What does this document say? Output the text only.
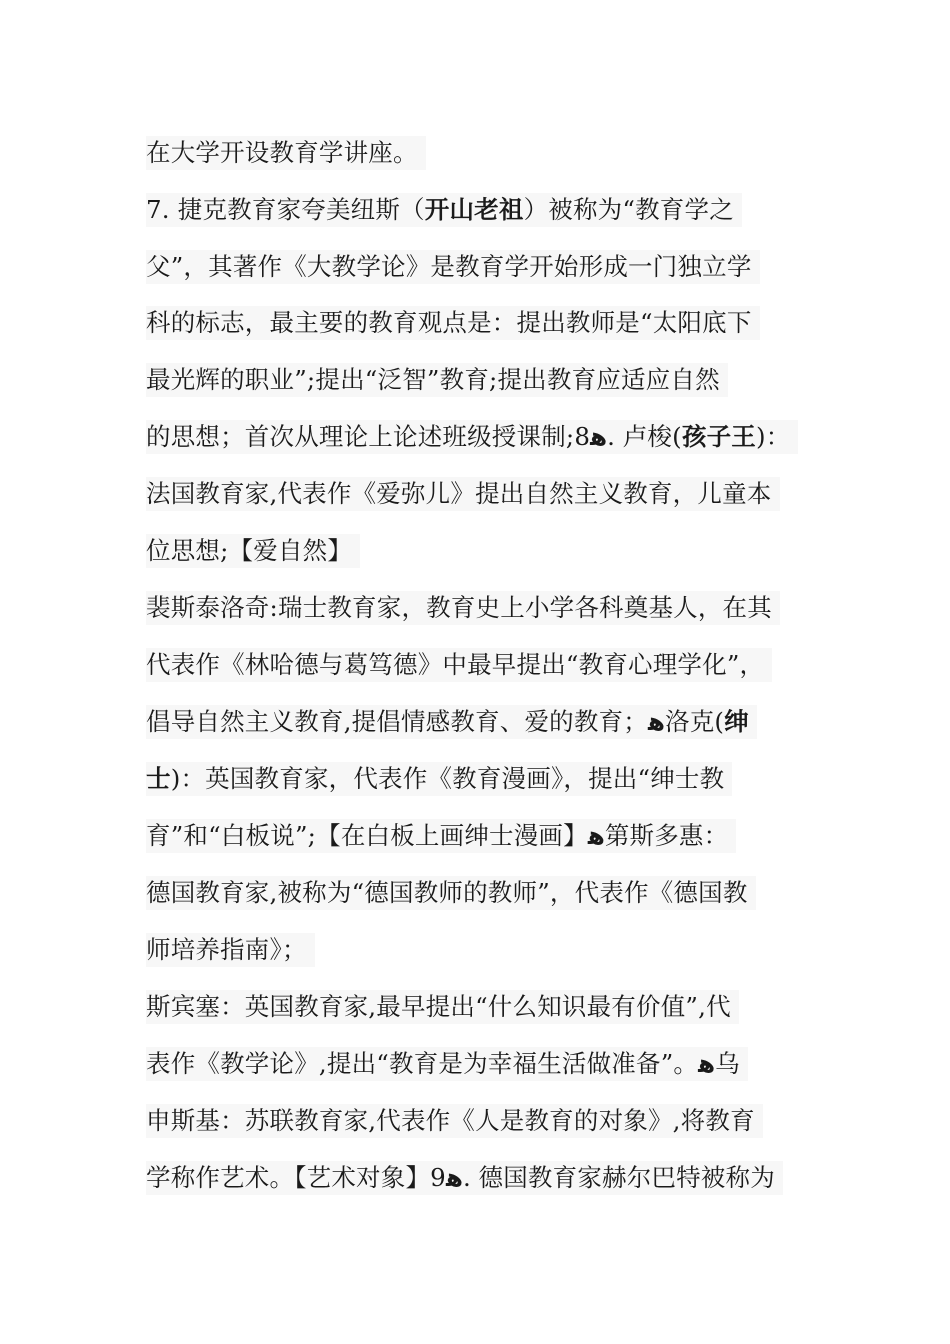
在大学开设教育学讲座。
7. 捷克教育家夸美纽斯（开山老祖）被称为“教育学之
父”，其著作《大教学论》是教育学开始形成一门独立学
科的标志，最主要的教育观点是：提出教师是“太阳底下
最光辉的职业”;提出“泛智”教育;提出教育应适应自然
的思想；首次从理论上论述班级授课制;8ﻫ. 卢梭(孩子王)：
法国教育家,代表作《爱弥儿》提出自然主义教育，儿童本
位思想;【爱自然】
裴斯泰洛奇:瑞士教育家，教育史上小学各科奠基人，在其
代表作《林哈德与葛笃德》中最早提出“教育心理学化”，
倡导自然主义教育,提倡情感教育、爱的教育；ﻫ洛克(绅
士)：英国教育家，代表作《教育漫画》，提出“绅士教
育”和“白板说”;【在白板上画绅士漫画】ﻫ第斯多惠：
德国教育家,被称为“德国教师的教师”，代表作《德国教
师培养指南》；
斯宾塞：英国教育家,最早提出“什么知识最有价值”,代
表作《教学论》,提出“教育是为幸福生活做准备”。ﻫ乌
申斯基：苏联教育家,代表作《人是教育的对象》,将教育
学称作艺术。【艺术对象】9ﻫ. 德国教育家赫尔巴特被称为
